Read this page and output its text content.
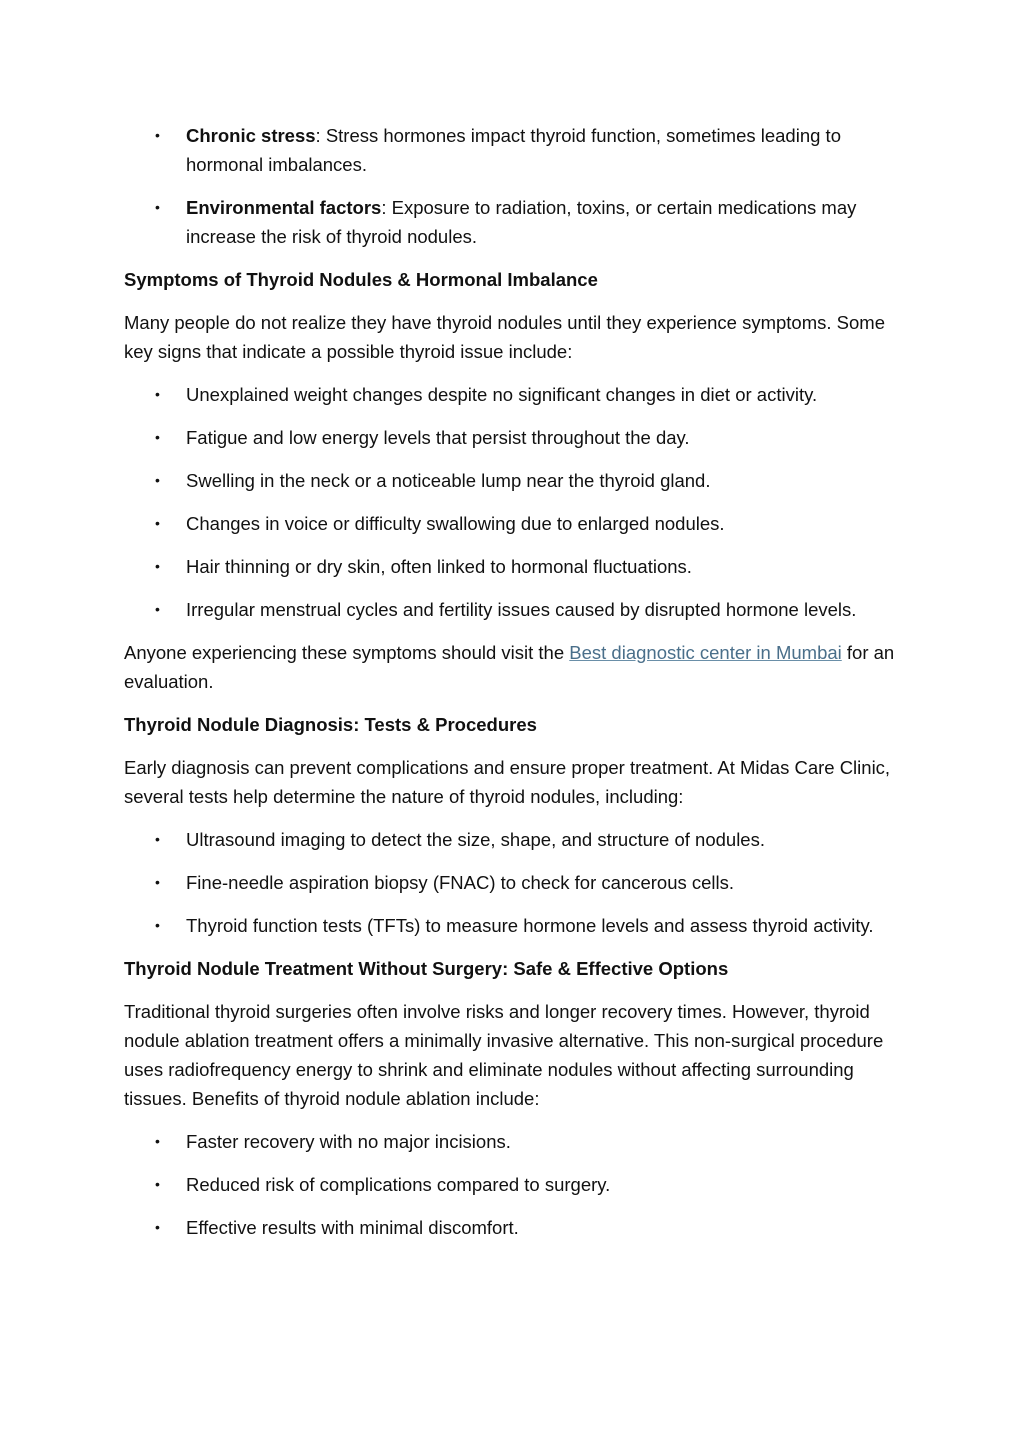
• Chronic stress: Stress hormones impact thyroid function, sometimes leading to hormonal imbalances.
• Environmental factors: Exposure to radiation, toxins, or certain medications may increase the risk of thyroid nodules.
Symptoms of Thyroid Nodules & Hormonal Imbalance

Many people do not realize they have thyroid nodules until they experience symptoms. Some key signs that indicate a possible thyroid issue include:

• Unexplained weight changes despite no significant changes in diet or activity.
• Fatigue and low energy levels that persist throughout the day.
• Swelling in the neck or a noticeable lump near the thyroid gland.
• Changes in voice or difficulty swallowing due to enlarged nodules.
• Hair thinning or dry skin, often linked to hormonal fluctuations.
• Irregular menstrual cycles and fertility issues caused by disrupted hormone levels.

Anyone experiencing these symptoms should visit the Best diagnostic center in Mumbai for an evaluation.

Thyroid Nodule Diagnosis: Tests & Procedures

Early diagnosis can prevent complications and ensure proper treatment. At Midas Care Clinic, several tests help determine the nature of thyroid nodules, including:

• Ultrasound imaging to detect the size, shape, and structure of nodules.
• Fine-needle aspiration biopsy (FNAC) to check for cancerous cells.
• Thyroid function tests (TFTs) to measure hormone levels and assess thyroid activity.
Thyroid Nodule Treatment Without Surgery: Safe & Effective Options

Traditional thyroid surgeries often involve risks and longer recovery times. However, thyroid nodule ablation treatment offers a minimally invasive alternative. This non-surgical procedure uses radiofrequency energy to shrink and eliminate nodules without affecting surrounding tissues. Benefits of thyroid nodule ablation include:

• Faster recovery with no major incisions.
• Reduced risk of complications compared to surgery.
• Effective results with minimal discomfort.
